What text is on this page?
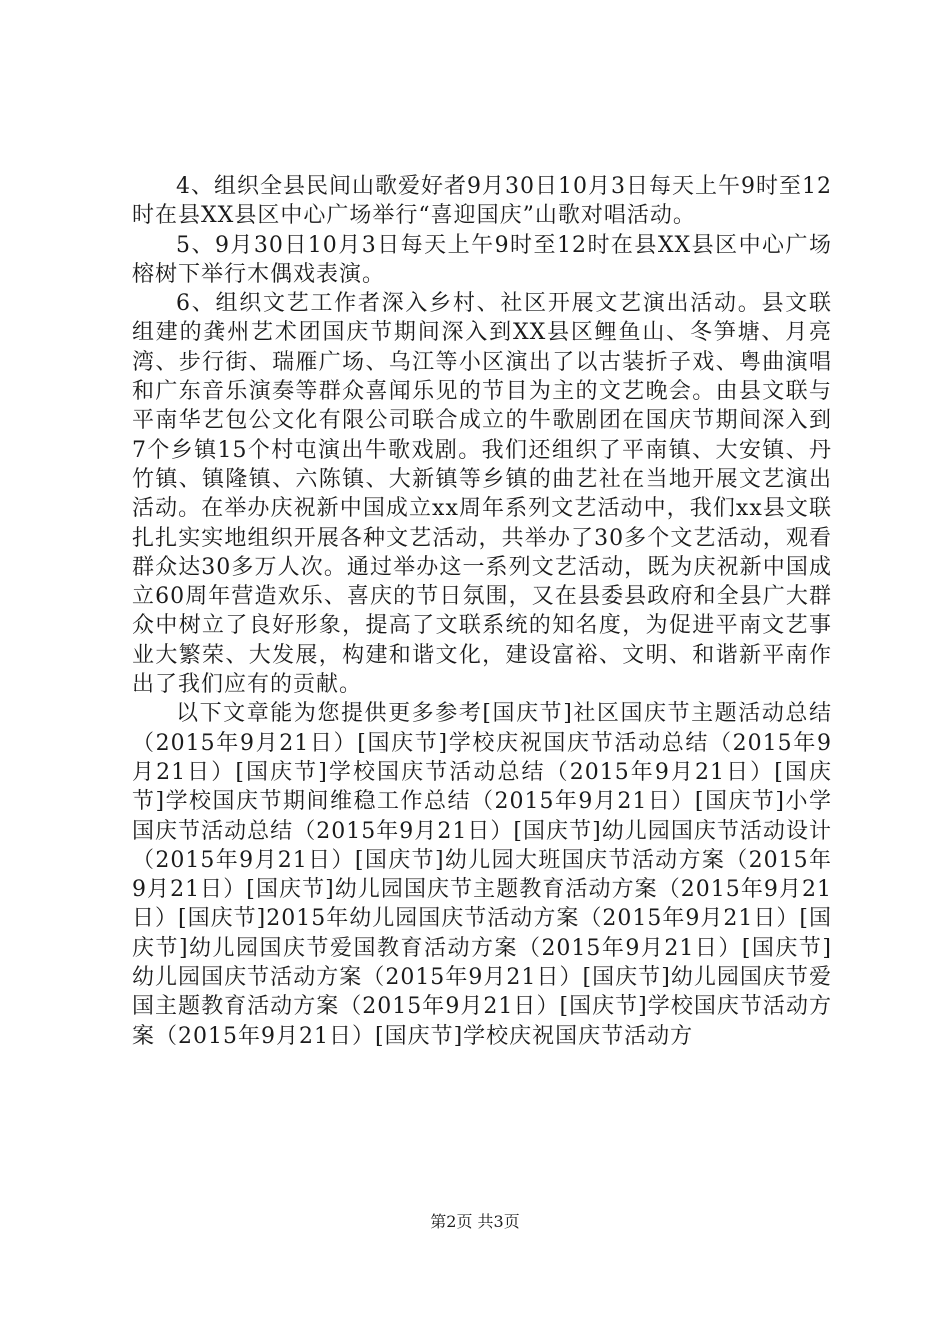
4、组织全县民间山歌爱好者9月30日10月3日每天上午9时至12时在县XX县区中心广场举行“喜迎国庆”山歌对唱活动。

5、9月30日10月3日每天上午9时至12时在县XX县区中心广场榕树下举行木偶戏表演。

6、组织文艺工作者深入乡村、社区开展文艺演出活动。县文联组建的龚州艺术团国庆节期间深入到XX县区鲤鱼山、冬笋塘、月亮湾、步行街、瑞雁广场、乌江等小区演出了以古装折子戏、粤曲演唱和广东音乐演奏等群众喜闻乐见的节目为主的文艺晚会。由县文联与平南华艺包公文化有限公司联合成立的牛歌剧团在国庆节期间深入到7个乡镇15个村屯演出牛歌戏剧。我们还组织了平南镇、大安镇、丹竹镇、镇隆镇、六陈镇、大新镇等乡镇的曲艺社在当地开展文艺演出活动。在举办庆祝新中国成立xx周年系列文艺活动中，我们xx县文联扎扎实实地组织开展各种文艺活动，共举办了30多个文艺活动，观看群众达30多万人次。通过举办这一系列文艺活动，既为庆祝新中国成立60周年营造欢乐、喜庆的节日氛围，又在县委县政府和全县广大群众中树立了良好形象，提高了文联系统的知名度，为促进平南文艺事业大繁荣、大发展，构建和谐文化，建设富裕、文明、和谐新平南作出了我们应有的贡献。

以下文章能为您提供更多参考[国庆节]社区国庆节主题活动总结（2015年9月21日）[国庆节]学校庆祝国庆节活动总结（2015年9月21日）[国庆节]学校国庆节活动总结（2015年9月21日）[国庆节]学校国庆节期间维稳工作总结（2015年9月21日）[国庆节]小学国庆节活动总结（2015年9月21日）[国庆节]幼儿园国庆节活动设计（2015年9月21日）[国庆节]幼儿园大班国庆节活动方案（2015年9月21日）[国庆节]幼儿园国庆节主题教育活动方案（2015年9月21日）[国庆节]2015年幼儿园国庆节活动方案（2015年9月21日）[国庆节]幼儿园国庆节爱国教育活动方案（2015年9月21日）[国庆节]幼儿园国庆节活动方案（2015年9月21日）[国庆节]幼儿园国庆节爱国主题教育活动方案（2015年9月21日）[国庆节]学校国庆节活动方案（2015年9月21日）[国庆节]学校庆祝国庆节活动方

第2页 共3页
